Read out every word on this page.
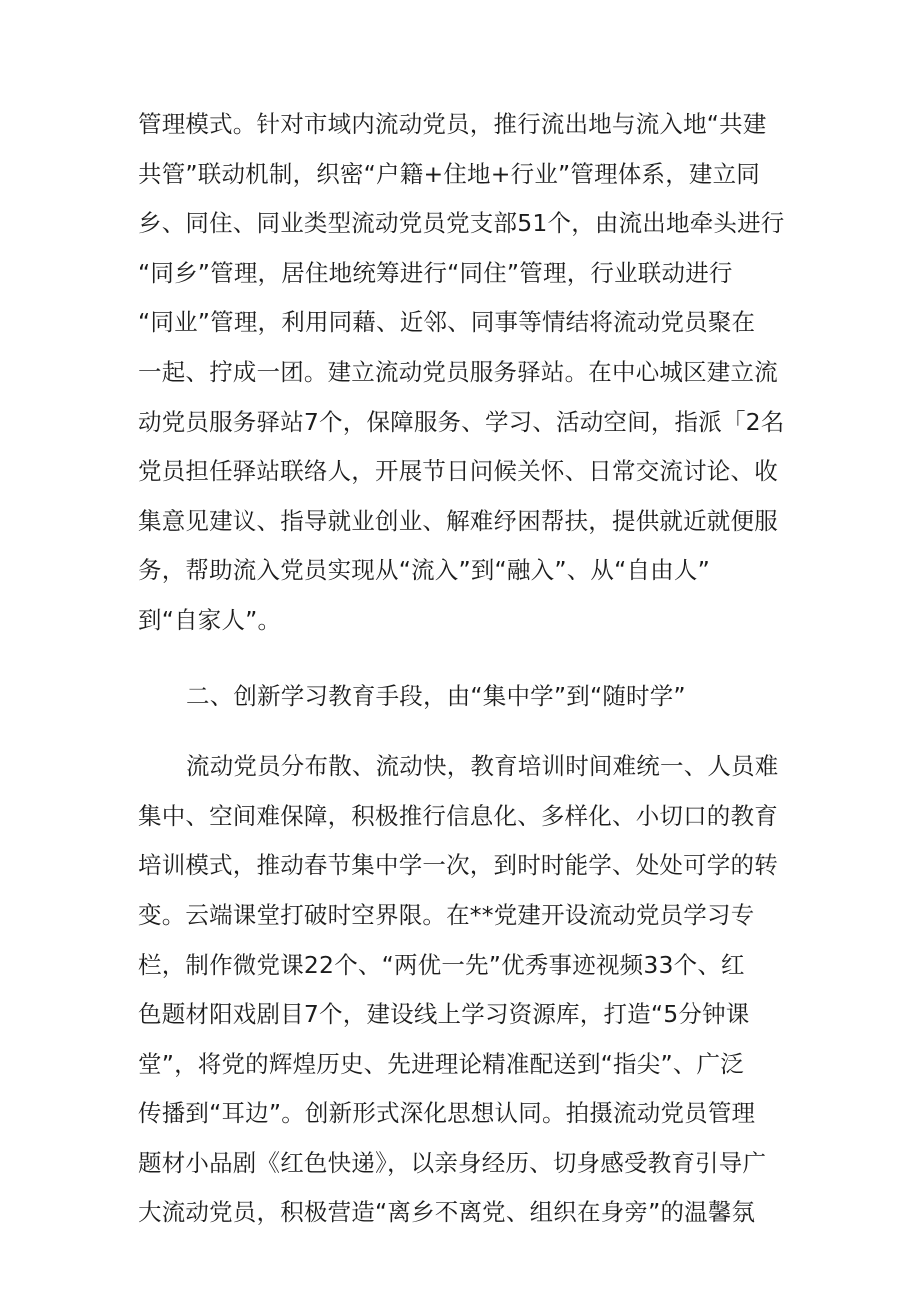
管理模式。针对市域内流动党员，推行流出地与流入地“共建
共管”联动机制，织密“户籍+住地+行业”管理体系，建立同
乡、同住、同业类型流动党员党支部51个，由流出地牵头进行
“同乡”管理，居住地统筹进行“同住”管理，行业联动进行
“同业”管理，利用同藉、近邻、同事等情结将流动党员聚在
一起、拧成一团。建立流动党员服务驿站。在中心城区建立流
动党员服务驿站7个，保障服务、学习、活动空间，指派「2名
党员担任驿站联络人，开展节日问候关怀、日常交流讨论、收
集意见建议、指导就业创业、解难纾困帮扶，提供就近就便服
务，帮助流入党员实现从“流入”到“融入”、从“自由人”
到“自家人”。
二、创新学习教育手段，由“集中学”到“随时学”
流动党员分布散、流动快，教育培训时间难统一、人员难
集中、空间难保障，积极推行信息化、多样化、小切口的教育
培训模式，推动春节集中学一次，到时时能学、处处可学的转
变。云端课堂打破时空界限。在**党建开设流动党员学习专
栏，制作微党课22个、“两优一先”优秀事迹视频33个、红
色题材阳戏剧目7个，建设线上学习资源库，打造“5分钟课
堂”，将党的辉煌历史、先进理论精准配送到“指尖”、广泛
传播到“耳边”。创新形式深化思想认同。拍摄流动党员管理
题材小品剧《红色快递》，以亲身经历、切身感受教育引导广
大流动党员，积极营造“离乡不离党、组织在身旁”的温馨氛
